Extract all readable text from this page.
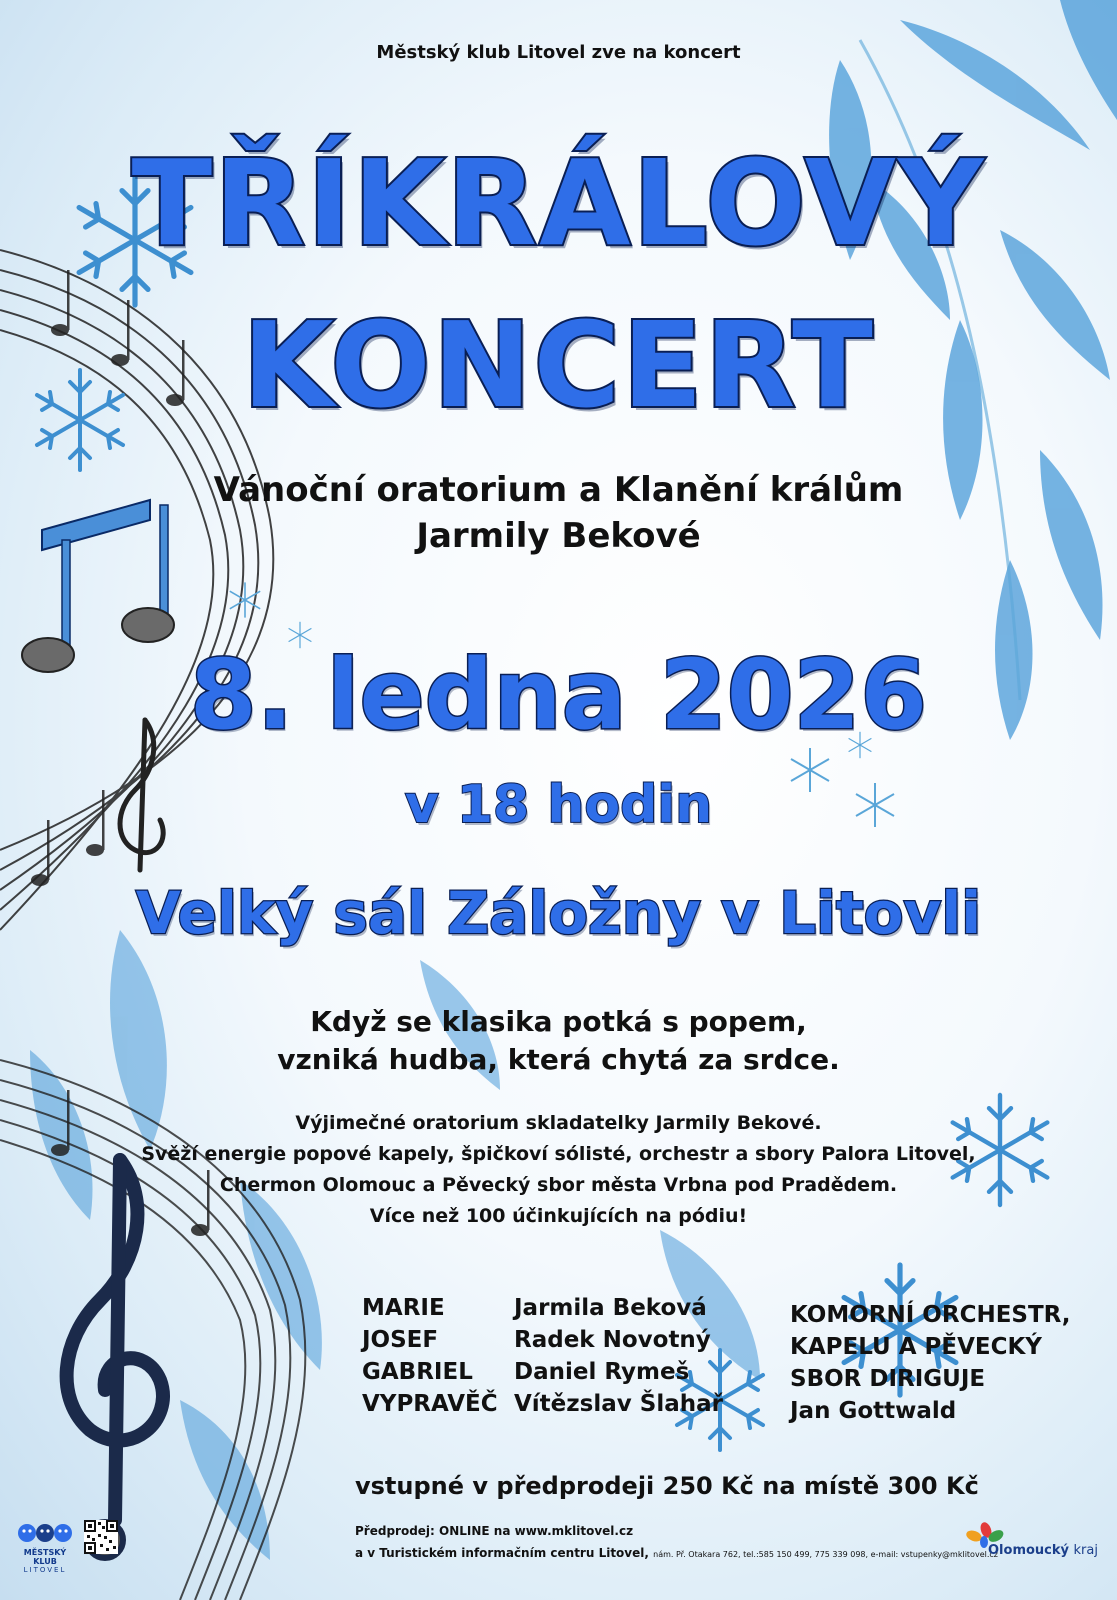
Městský klub Litovel zve na koncert
TŘÍKRÁLOVÝ
KONCERT
Vánoční oratorium a Klanění králům
Jarmily Bekové
8. ledna 2026
v 18 hodin
Velký sál Záložny v Litovli
Když se klasika potká s popem,
vzniká hudba, která chytá za srdce.
Výjimečné oratorium skladatelky Jarmily Bekové.
Svěží energie popové kapely, špičkoví sólisté, orchestr a sbory Palora Litovel,
Chermon Olomouc a Pěvecký sbor města Vrbna pod Pradědem.
Více než 100 účinkujících na pódiu!
MARIE	Jarmila Beková
JOSEF	Radek Novotný
GABRIEL	Daniel Rymeš
VYPRAVĚČ	Vítězslav Šlahař
KOMORNÍ ORCHESTR,
KAPELU A PĚVECKÝ
SBOR DIRIGUJE
Jan Gottwald
vstupné v předprodeji 250 Kč na místě 300 Kč
Předprodej: ONLINE na www.mklitovel.cz
a v Turistickém informačním centru Litovel, nám. Př. Otakara 762, tel.:585 150 499, 775 339 098, e-mail: vstupenky@mklitovel.cz
MĚSTSKÝ KLUB
LITOVEL
Olomoucký kraj
